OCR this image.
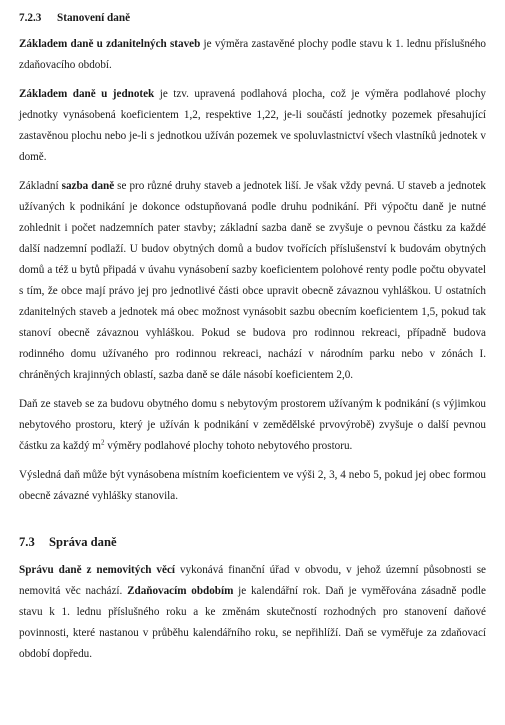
7.2.3 Stanovení daně

Základem daně u zdanitelných staveb je výměra zastavěné plochy podle stavu k 1. lednu příslušného zdaňovacího období.

Základem daně u jednotek je tzv. upravená podlahová plocha, což je výměra podlahové plochy jednotky vynásobená koeficientem 1,2, respektive 1,22, je-li součástí jednotky pozemek přesahující zastavěnou plochu nebo je-li s jednotkou užíván pozemek ve spoluvlastnictví všech vlastníků jednotek v domě.

Základní sazba daně se pro různé druhy staveb a jednotek liší. Je však vždy pevná. U staveb a jednotek užívaných k podnikání je dokonce odstupňovaná podle druhu podnikání. Při výpočtu daně je nutné zohlednit i počet nadzemních pater stavby; základní sazba daně se zvyšuje o pevnou částku za každé další nadzemní podlaží. U budov obytných domů a budov tvořících příslušenství k budovám obytných domů a též u bytů připadá v úvahu vynásobení sazby koeficientem polohové renty podle počtu obyvatel s tím, že obce mají právo jej pro jednotlivé části obce upravit obecně závaznou vyhláškou. U ostatních zdanitelných staveb a jednotek má obec možnost vynásobit sazbu obecním koeficientem 1,5, pokud tak stanoví obecně závaznou vyhláškou. Pokud se budova pro rodinnou rekreaci, případně budova rodinného domu užívaného pro rodinnou rekreaci, nachází v národním parku nebo v zónách I. chráněných krajinných oblastí, sazba daně se dále násobí koeficientem 2,0.

Daň ze staveb se za budovu obytného domu s nebytovým prostorem užívaným k podnikání (s výjimkou nebytového prostoru, který je užíván k podnikání v zemědělské prvovýrobě) zvyšuje o další pevnou částku za každý $m^2$ výměry podlahové plochy tohoto nebytového prostoru.

Výsledná daň může být vynásobena místním koeficientem ve výši 2, 3, 4 nebo 5, pokud jej obec formou obecně závazné vyhlášky stanovila.

7.3 Správa daně

Správu daně z nemovitých věcí vykonává finanční úřad v obvodu, v jehož územní působnosti se nemovitá věc nachází. Zdaňovacím obdobím je kalendářní rok. Daň je vyměřována zásadně podle stavu k 1. lednu příslušného roku a ke změnám skutečností rozhodných pro stanovení daňové povinnosti, které nastanou v průběhu kalendářního roku, se nepřihlíží. Daň se vyměřuje za zdaňovací období dopředu.
